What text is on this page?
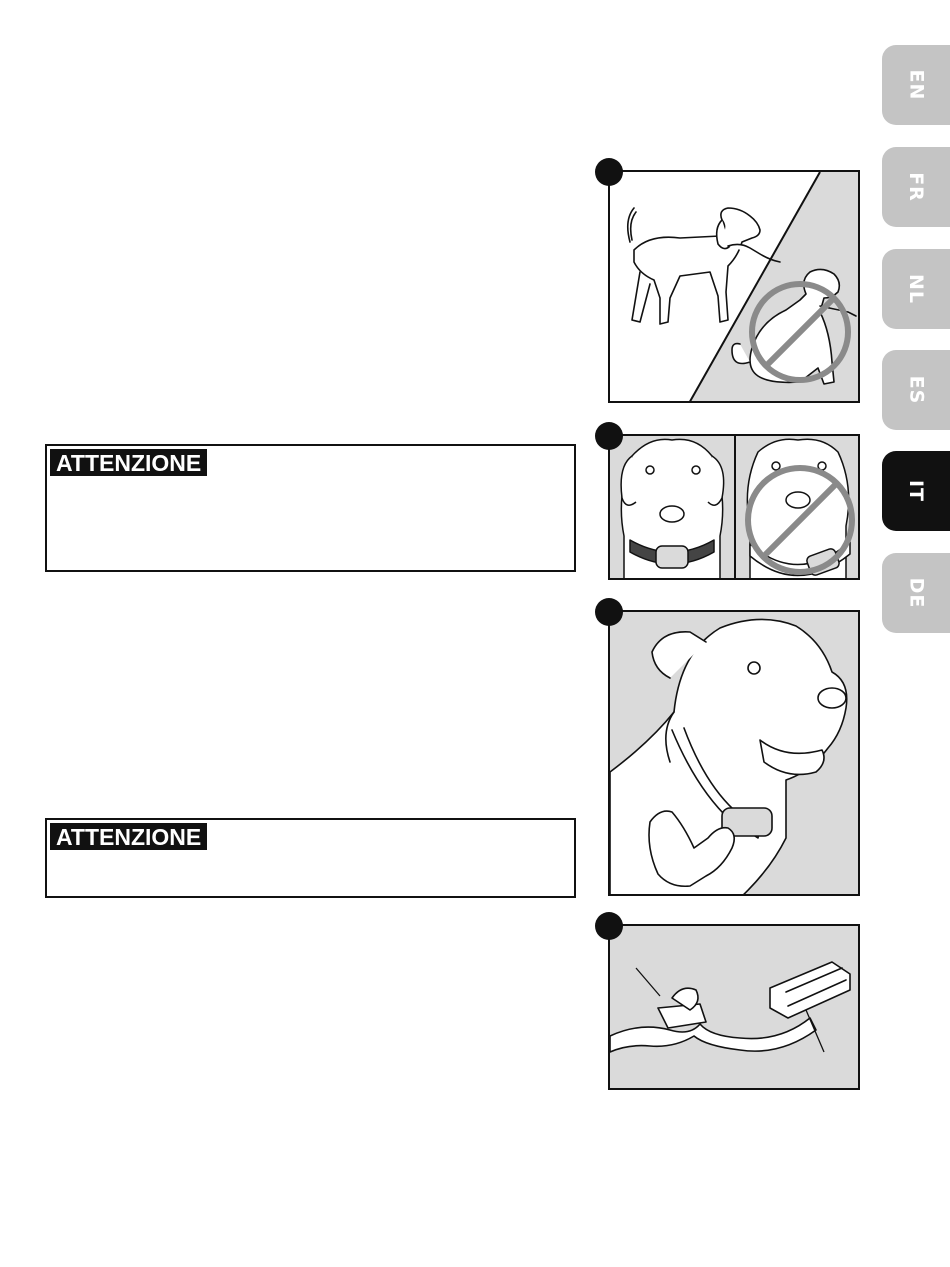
ATTENZIONE
ATTENZIONE
EN
FR
NL
ES
IT
DE
